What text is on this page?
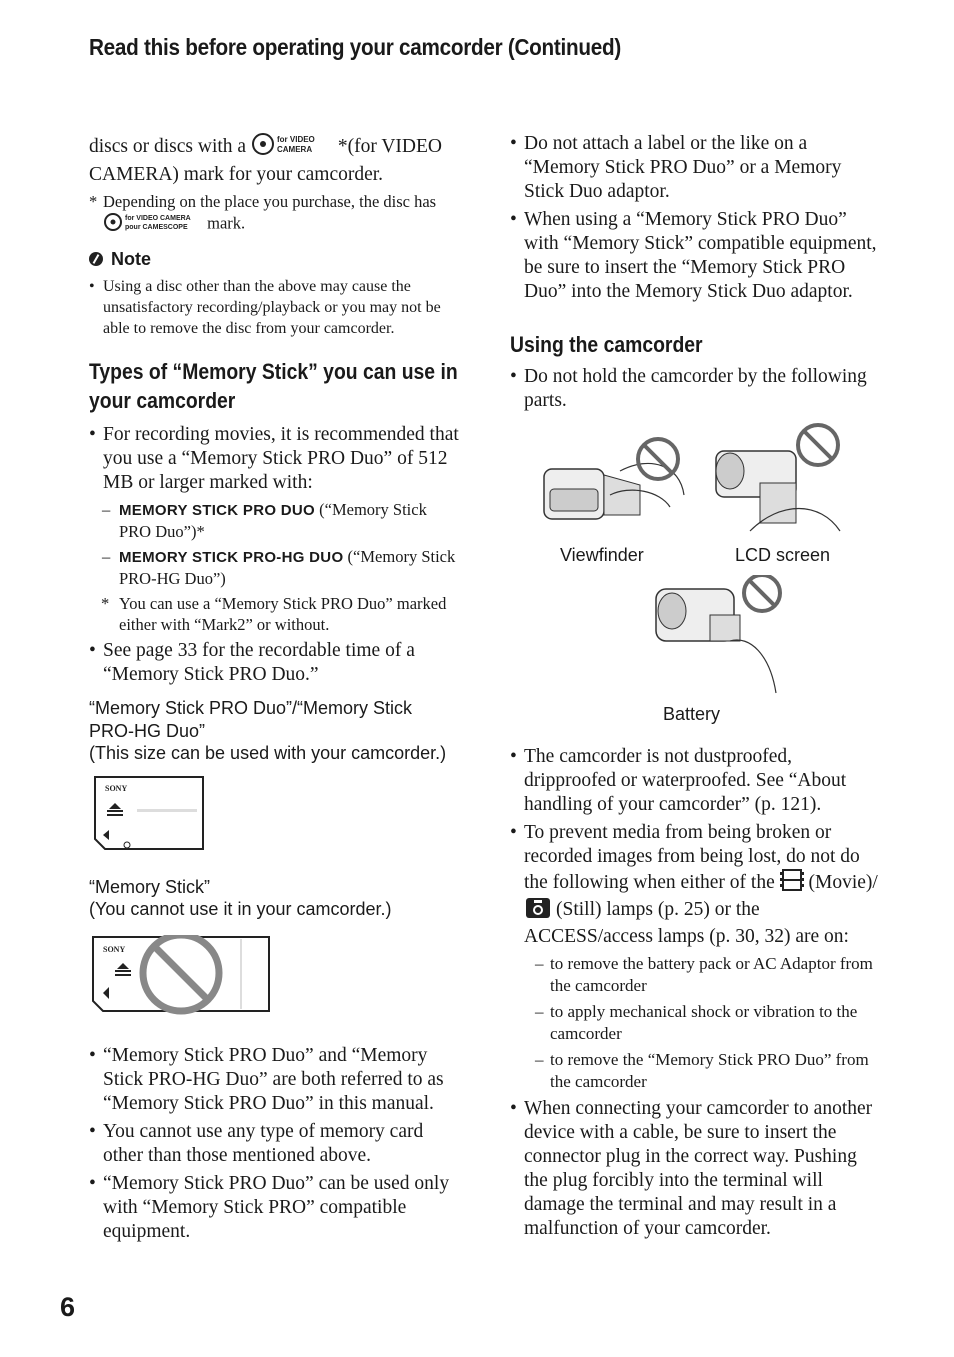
Read this before operating your camcorder (Continued)
discs or discs with a	for VIDEO
CAMERA *(for VIDEO CAMERA) mark for your camcorder.
* Depending on the place you purchase, the disc has
for VIDEO CAMERA
pour CAMESCOPE mark.
Note
• Using a disc other than the above may cause the unsatisfactory recording/playback or you may not be able to remove the disc from your camcorder.
Types of “Memory Stick” you can use in your camcorder
• For recording movies, it is recommended that you use a “Memory Stick PRO Duo” of 512 MB or larger marked with:
– MEMORY STICK PRO DUO (“Memory Stick PRO Duo”)*
– MEMORY STICK PRO-HG DUO (“Memory Stick PRO-HG Duo”)
* You can use a “Memory Stick PRO Duo” marked either with “Mark2” or without.
• See page 33 for the recordable time of a “Memory Stick PRO Duo.”
“Memory Stick PRO Duo”/“Memory Stick PRO-HG Duo”
(This size can be used with your camcorder.)
SONY
“Memory Stick”
(You cannot use it in your camcorder.)
SONY
• “Memory Stick PRO Duo” and “Memory Stick PRO-HG Duo” are both referred to as “Memory Stick PRO Duo” in this manual.
• You cannot use any type of memory card other than those mentioned above.
• “Memory Stick PRO Duo” can be used only with “Memory Stick PRO” compatible equipment.
• Do not attach a label or the like on a “Memory Stick PRO Duo” or a Memory Stick Duo adaptor.
• When using a “Memory Stick PRO Duo” with “Memory Stick” compatible equipment, be sure to insert the “Memory Stick PRO Duo” into the Memory Stick Duo adaptor.
Using the camcorder
• Do not hold the camcorder by the following parts.
Viewfinder	LCD screen
Battery
• The camcorder is not dustproofed, dripproofed or waterproofed. See “About handling of your camcorder” (p. 121).
• To prevent media from being broken or recorded images from being lost, do not do the following when either of the (Movie)/(Still) lamps (p. 25) or the ACCESS/access lamps (p. 30, 32) are on:
– to remove the battery pack or AC Adaptor from the camcorder
– to apply mechanical shock or vibration to the camcorder
– to remove the “Memory Stick PRO Duo” from the camcorder
• When connecting your camcorder to another device with a cable, be sure to insert the connector plug in the correct way. Pushing the plug forcibly into the terminal will damage the terminal and may result in a malfunction of your camcorder.
6
